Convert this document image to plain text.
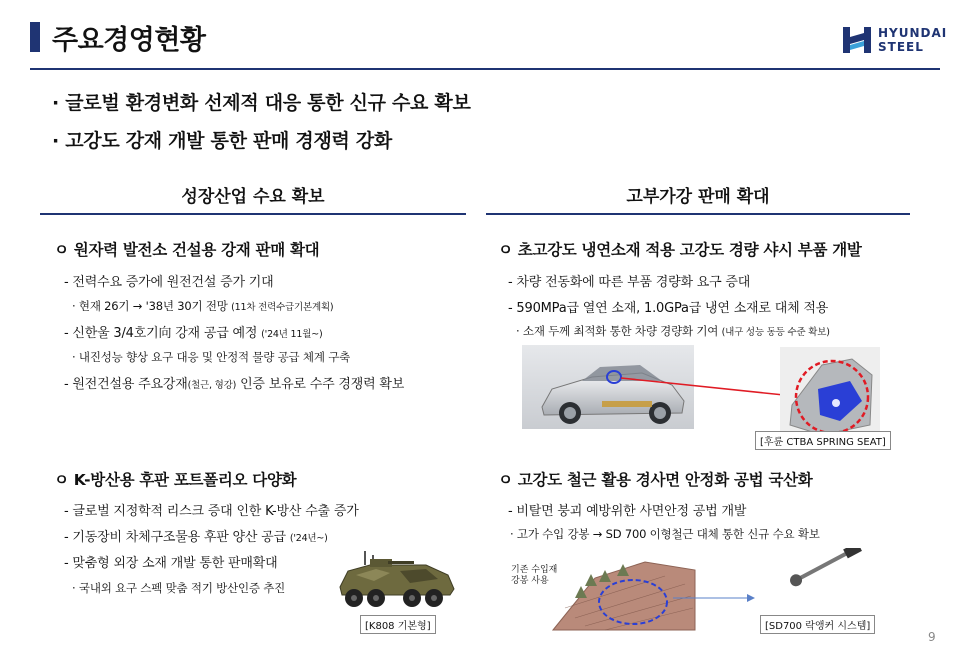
주요경영현황	HYUNDAI
STEEL
· 글로벌 환경변화 선제적 대응 통한 신규 수요 확보
· 고강도 강재 개발 통한 판매 경쟁력 강화
성장산업 수요 확보	고부가강 판매 확대
ㅇ 원자력 발전소 건설용 강재 판매 확대
- 전력수요 증가에 원전건설 증가 기대
· 현재 26기 → '38년 30기 전망 (11차 전력수급기본계획)
- 신한울 3/4호기向 강재 공급 예정 ('24년 11월~)
· 내진성능 향상 요구 대응 및 안정적 물량 공급 체계 구축
- 원전건설용 주요강재(철근, 형강) 인증 보유로 수주 경쟁력 확보
ㅇ 초고강도 냉연소재 적용 고강도 경량 샤시 부품 개발
- 차량 전동화에 따른 부품 경량화 요구 증대
- 590MPa급 열연 소재, 1.0GPa급 냉연 소재로 대체 적용
· 소재 두께 최적화 통한 차량 경량화 기여 (내구 성능 동등 수준 확보)
[후륜 CTBA SPRING SEAT]
ㅇ K-방산용 후판 포트폴리오 다양화
- 글로벌 지정학적 리스크 증대 인한 K-방산 수출 증가
- 기동장비 차체구조물용 후판 양산 공급 ('24년~)
- 맞춤형 외장 소재 개발 통한 판매확대
· 국내외 요구 스펙 맞춤 적기 방산인증 추진
[K808 기본형]
ㅇ 고강도 철근 활용 경사면 안정화 공법 국산화
- 비탈면 붕괴 예방위한 사면안정 공법 개발
· 고가 수입 강봉 → SD 700 이형철근 대체 통한 신규 수요 확보
기존 수입재
강봉 사용
[SD700 락앵커 시스템]
9
